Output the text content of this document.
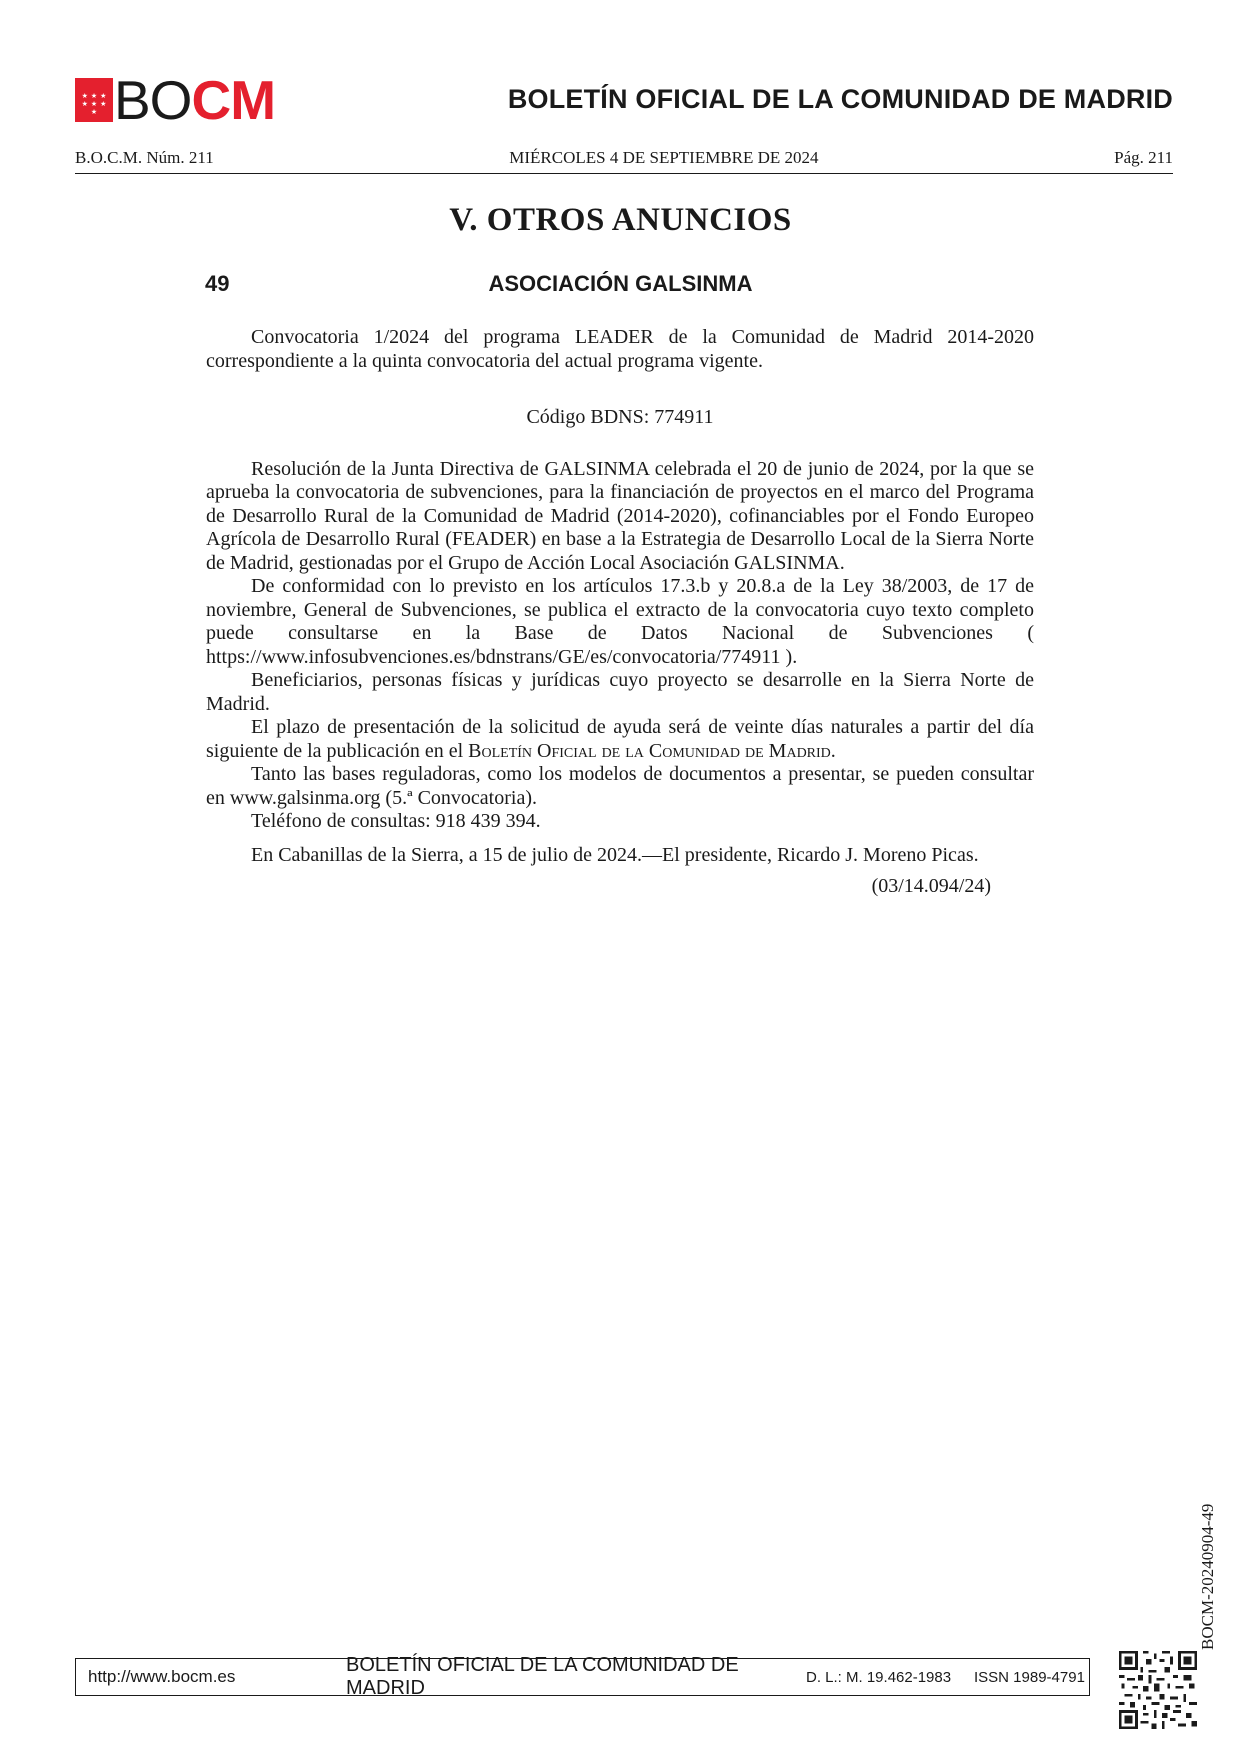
★ ★ ★
★ ★ ★
★ BOCM	BOLETÍN OFICIAL DE LA COMUNIDAD DE MADRID
B.O.C.M. Núm. 211	MIÉRCOLES 4 DE SEPTIEMBRE DE 2024	Pág. 211
V. OTROS ANUNCIOS
49	ASOCIACIÓN GALSINMA

Convocatoria 1/2024 del programa LEADER de la Comunidad de Madrid 2014-2020 correspondiente a la quinta convocatoria del actual programa vigente.

Código BDNS: 774911

Resolución de la Junta Directiva de GALSINMA celebrada el 20 de junio de 2024, por la que se aprueba la convocatoria de subvenciones, para la financiación de proyectos en el marco del Programa de Desarrollo Rural de la Comunidad de Madrid (2014-2020), cofinanciables por el Fondo Europeo Agrícola de Desarrollo Rural (FEADER) en base a la Estrategia de Desarrollo Local de la Sierra Norte de Madrid, gestionadas por el Grupo de Acción Local Asociación GALSINMA.

De conformidad con lo previsto en los artículos 17.3.b y 20.8.a de la Ley 38/2003, de 17 de noviembre, General de Subvenciones, se publica el extracto de la convocatoria cuyo texto completo puede consultarse en la Base de Datos Nacional de Subvenciones ( https://www.infosubvenciones.es/bdnstrans/GE/es/convocatoria/774911 ).

Beneficiarios, personas físicas y jurídicas cuyo proyecto se desarrolle en la Sierra Norte de Madrid.

El plazo de presentación de la solicitud de ayuda será de veinte días naturales a partir del día siguiente de la publicación en el Boletín Oficial de la Comunidad de Madrid.

Tanto las bases reguladoras, como los modelos de documentos a presentar, se pueden consultar en www.galsinma.org (5.ª Convocatoria).

Teléfono de consultas: 918 439 394.

En Cabanillas de la Sierra, a 15 de julio de 2024.—El presidente, Ricardo J. Moreno Picas.

(03/14.094/24)

BOCM-20240904-49
http://www.bocm.es
BOLETÍN OFICIAL DE LA COMUNIDAD DE MADRID	D. L.: M. 19.462-1983	ISSN 1989-4791
